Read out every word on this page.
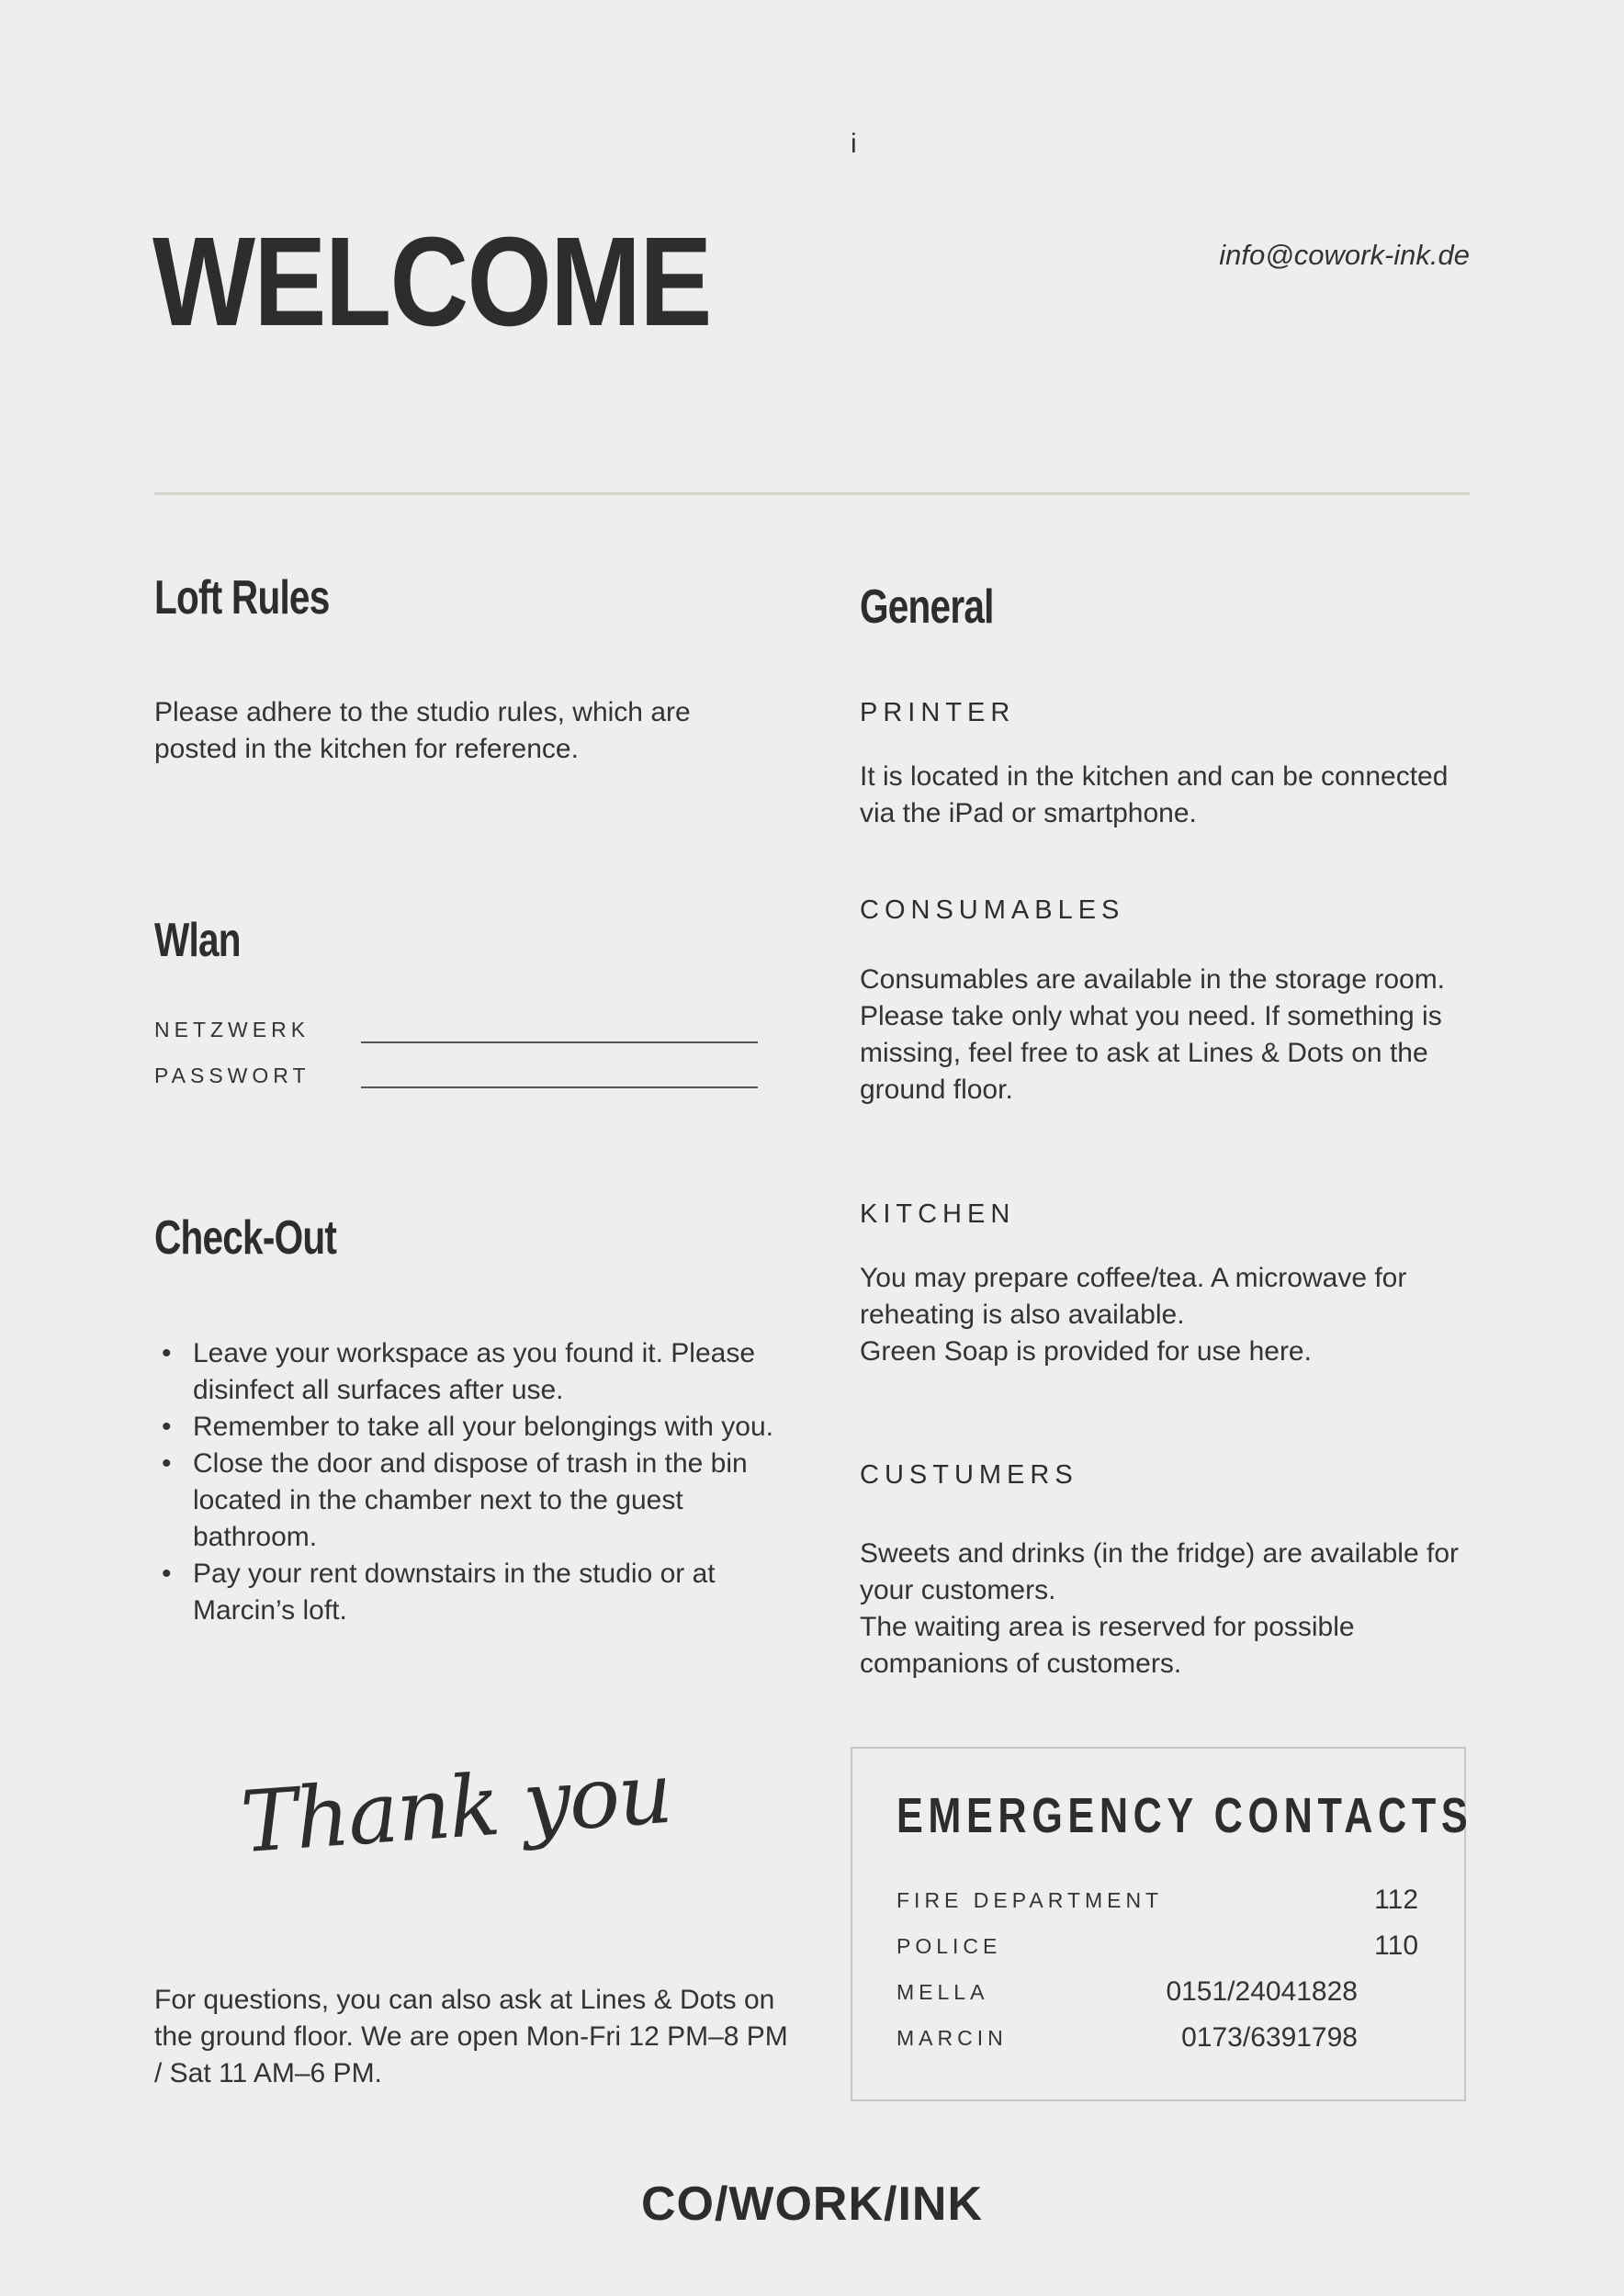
i
WELCOME	info@cowork-ink.de
Loft Rules
Please adhere to the studio rules, which are posted in the kitchen for reference.
Wlan
NETZWERK
PASSWORT
Check-Out
• Leave your workspace as you found it. Please disinfect all surfaces after use.
• Remember to take all your belongings with you.
• Close the door and dispose of trash in the bin located in the chamber next to the guest bathroom.
• Pay your rent downstairs in the studio or at Marcin’s loft.
Thank you
For questions, you can also ask at Lines & Dots on the ground floor. We are open Mon-Fri 12 PM–8 PM / Sat 11 AM–6 PM.
General
PRINTER
It is located in the kitchen and can be connected via the iPad or smartphone.
CONSUMABLES
Consumables are available in the storage room. Please take only what you need. If something is missing, feel free to ask at Lines & Dots on the ground floor.
KITCHEN
You may prepare coffee/tea. A microwave for reheating is also available.
Green Soap is provided for use here.
CUSTUMERS
Sweets and drinks (in the fridge) are available for your customers.
The waiting area is reserved for possible companions of customers.
EMERGENCY CONTACTS
FIRE DEPARTMENT	112
POLICE	110
MELLA	0151/24041828
MARCIN	0173/6391798
CO/WORK/INK
